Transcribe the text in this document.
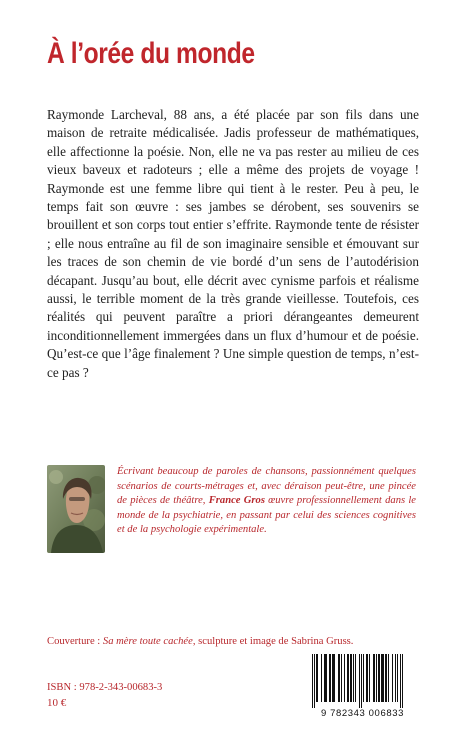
À l’orée du monde

Raymonde Larcheval, 88 ans, a été placée par son fils dans une maison de retraite médicalisée. Jadis professeur de mathématiques, elle affectionne la poésie. Non, elle ne va pas rester au milieu de ces vieux baveux et radoteurs ; elle a même des projets de voyage ! Raymonde est une femme libre qui tient à le rester. Peu à peu, le temps fait son œuvre : ses jambes se dérobent, ses souvenirs se brouillent et son corps tout entier s’effrite. Raymonde tente de résister ; elle nous entraîne au fil de son imaginaire sensible et émouvant sur les traces de son chemin de vie bordé d’un sens de l’autodérision décapant. Jusqu’au bout, elle décrit avec cynisme parfois et réalisme aussi, le terrible moment de la très grande vieillesse. Toutefois, ces réalités qui peuvent paraître a priori dérangeantes demeurent inconditionnellement immergées dans un flux d’humour et de poésie. Qu’est-ce que l’âge finalement ? Une simple question de temps, n’est-ce pas ?

Écrivant beaucoup de paroles de chansons, passionnément quelques scénarios de courts-métrages et, avec déraison peut-être, une pincée de pièces de théâtre, France Gros œuvre professionnellement dans le monde de la psychiatrie, en passant par celui des sciences cognitives et de la psychologie expérimentale.

Couverture : Sa mère toute cachée, sculpture et image de Sabrina Gruss.

ISBN : 978-2-343-00683-3
10 €
9 782343 006833
